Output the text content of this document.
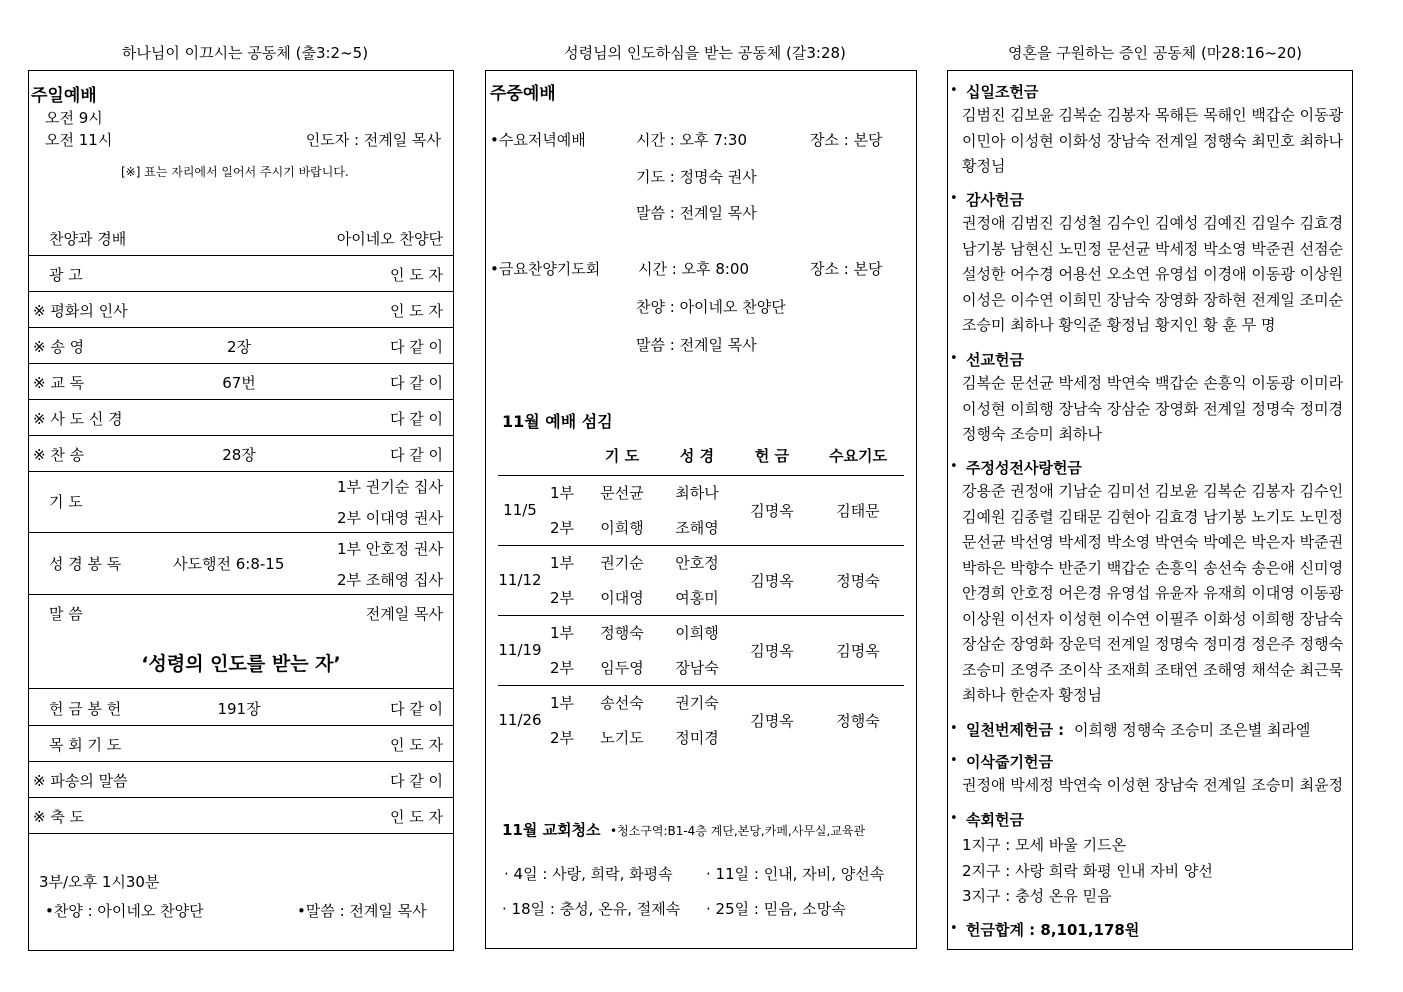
하나님이 이끄시는 공동체 (출3:2~5)	성령님의 인도하심을 받는 공동체 (갈3:28)	영혼을 구원하는 증인 공동체 (마28:16~20)
주일예배
오전 9시
오전 11시	인도자 : 전계일 목사
[※] 표는 자리에서 일어서 주시기 바랍니다.
찬양과 경배	아이네오 찬양단
광 고	인 도 자
※ 평화의 인사	인 도 자
※ 송 영	2장	다 같 이
※ 교 독	67번	다 같 이
※ 사 도 신 경	다 같 이
※ 찬 송	28장	다 같 이
기 도
1부 권기순 집사
2부 이대영 권사
성 경 봉 독	사도행전 6:8-15
1부 안호정 권사
2부 조해영 집사
말 씀	전계일 목사
‘성령의 인도를 받는 자’
헌 금 봉 헌	191장	다 같 이
목 회 기 도	인 도 자
※ 파송의 말씀	다 같 이
※ 축 도	인 도 자
3부/오후 1시30분
•찬양 : 아이네오 찬양단	•말씀 : 전계일 목사
주중예배
•수요저녁예배	시간 : 오후 7:30	장소 : 본당
기도 : 정명숙 권사
말씀 : 전계일 목사
•금요찬양기도회	시간 : 오후 8:00	장소 : 본당
찬양 : 아이네오 찬양단
말씀 : 전계일 목사
11월 예배 섬김
		기 도	성 경	헌 금	수요기도
11/5	1부	문선균	최하나	김명옥	김태문
	2부	이희행	조해영		
11/12	1부	권기순	안호정	김명옥	정명숙
	2부	이대영	여홍미		
11/19	1부	정행숙	이희행	김명옥	김명옥
	2부	임두영	장남숙		
11/26	1부	송선숙	권기숙	김명옥	정행숙
	2부	노기도	정미경		
11월 교회청소 •청소구역:B1-4층 계단,본당,카페,사무실,교육관
· 4일 : 사랑, 희락, 화평속 · 11일 : 인내, 자비, 양선속
· 18일 : 충성, 온유, 절제속 · 25일 : 믿음, 소망속
• 십일조헌금
김범진 김보윤 김복순 김봉자 목해든 목해인 백갑순 이동광 이민아 이성현 이화성 장남숙 전계일 정행숙 최민호 최하나 황정님
• 감사헌금
권정애 김범진 김성철 김수인 김예성 김예진 김일수 김효경 남기봉 남현신 노민정 문선균 박세정 박소영 박준권 선점순 설성한 어수경 어용선 오소연 유영섭 이경애 이동광 이상원 이성은 이수연 이희민 장남숙 장영화 장하현 전계일 조미순 조승미 최하나 황익준 황정님 황지인 황 훈 무 명
• 선교헌금
김복순 문선균 박세정 박연숙 백갑순 손흥익 이동광 이미라 이성현 이희행 장남숙 장삼순 장영화 전계일 정명숙 정미경 정행숙 조승미 최하나
• 주정성전사랑헌금
강용준 권정애 기남순 김미선 김보윤 김복순 김봉자 김수인 김예원 김종렬 김태문 김현아 김효경 남기봉 노기도 노민정 문선균 박선영 박세정 박소영 박연숙 박예은 박은자 박준권 박하은 박향수 반준기 백갑순 손흥익 송선숙 송은애 신미영 안경희 안호정 어은경 유영섭 유윤자 유재희 이대영 이동광 이상원 이선자 이성현 이수연 이필주 이화성 이희행 장남숙 장삼순 장영화 장운덕 전계일 정명숙 정미경 정은주 정행숙 조승미 조영주 조이삭 조재희 조태연 조해영 채석순 최근묵 최하나 한순자 황정님
• 일천번제헌금 : 이희행 정행숙 조승미 조은별 최라엘
• 이삭줍기헌금
권정애 박세정 박연숙 이성현 장남숙 전계일 조승미 최윤정
• 속회헌금
1지구 : 모세 바울 기드온
2지구 : 사랑 희락 화평 인내 자비 양선
3지구 : 충성 온유 믿음
• 헌금합계 : 8,101,178원
